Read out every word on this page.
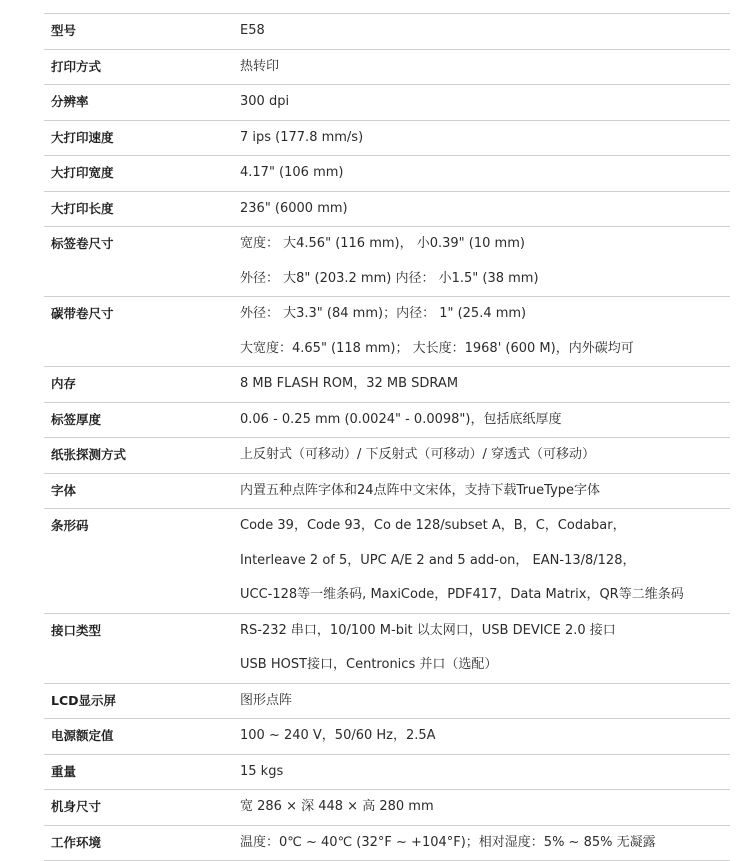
型号	E58
打印方式	热转印
分辨率	300 dpi
大打印速度	7 ips (177.8 mm/s)
大打印宽度	4.17" (106 mm)
大打印长度	236" (6000 mm)
标签卷尺寸	宽度： 大4.56" (116 mm)， 小0.39" (10 mm)
外径： 大8" (203.2 mm) 内径： 小1.5" (38 mm)
碳带卷尺寸	外径： 大3.3" (84 mm)；内径： 1" (25.4 mm)
大宽度：4.65" (118 mm)； 大长度：1968' (600 M)，内外碳均可
内存	8 MB FLASH ROM，32 MB SDRAM
标签厚度	0.06 - 0.25 mm (0.0024" - 0.0098")，包括底纸厚度
纸张探测方式	上反射式（可移动）/ 下反射式（可移动）/ 穿透式（可移动）
字体	内置五种点阵字体和24点阵中文宋体，支持下载TrueType字体
条形码	Code 39，Code 93，Co de 128/subset A，B，C，Codabar，
Interleave 2 of 5，UPC A/E 2 and 5 add-on， EAN-13/8/128，
UCC-128等一维条码, MaxiCode，PDF417，Data Matrix，QR等二维条码
接口类型	RS-232 串口，10/100 M-bit 以太网口，USB DEVICE 2.0 接口
USB HOST接口，Centronics 并口（选配）
LCD显示屏	图形点阵
电源额定值	100 ~ 240 V，50/60 Hz，2.5A
重量	15 kgs
机身尺寸	宽 286 × 深 448 × 高 280 mm
工作环境	温度：0℃ ~ 40℃ (32°F ~ +104°F)；相对湿度：5% ~ 85% 无凝露
